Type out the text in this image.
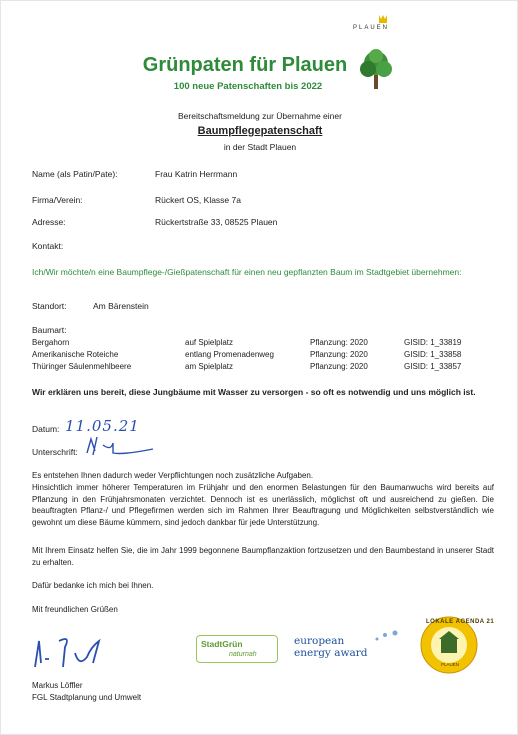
PLAUEN
Grünpaten für Plauen
100 neue Patenschaften bis 2022
Bereitschaftsmeldung zur Übernahme einer
Baumpflegepatenschaft
in der Stadt Plauen
Name (als Patin/Pate):	Frau Katrin Herrmann
Firma/Verein:	Rückert OS, Klasse 7a
Adresse:	Rückertstraße 33, 08525 Plauen
Kontakt:
Ich/Wir möchte/n eine Baumpflege-/Gießpatenschaft für einen neu gepflanzten Baum im Stadtgebiet übernehmen:
Standort:	Am Bärenstein
Baumart:
Bergahorn	auf Spielplatz	Pflanzung: 2020	GISID: 1_33819
Amerikanische Roteiche	entlang Promenadenweg	Pflanzung: 2020	GISID: 1_33858
Thüringer Säulenmehlbeere	am Spielplatz	Pflanzung: 2020	GISID: 1_33857
Wir erklären uns bereit, diese Jungbäume mit Wasser zu versorgen - so oft es notwendig und uns möglich ist.
Datum: 11.05.21
Unterschrift:
Es entstehen Ihnen dadurch weder Verpflichtungen noch zusätzliche Aufgaben.
Hinsichtlich immer höherer Temperaturen im Frühjahr und den enormen Belastungen für den Baumanwuchs wird bereits auf Pflanzung in den Frühjahrsmonaten verzichtet. Dennoch ist es unerlässlich, möglichst oft und ausreichend zu gießen. Die beauftragten Pflanz-/ und Pflegefirmen werden sich im Rahmen Ihrer Beauftragung und Möglichkeiten selbstverständlich wie gewohnt um diese Bäume kümmern, sind jedoch dankbar für jede Unterstützung.
Mit Ihrem Einsatz helfen Sie, die im Jahr 1999 begonnene Baumpflanzaktion fortzusetzen und den Baumbestand in unserer Stadt zu erhalten.
Dafür bedanke ich mich bei Ihnen.
Mit freundlichen Grüßen
Markus Löffler
FGL Stadtplanung und Umwelt
StadtGrün
naturnah
european
energy award
LOKALE AGENDA 21
PLAUEN
